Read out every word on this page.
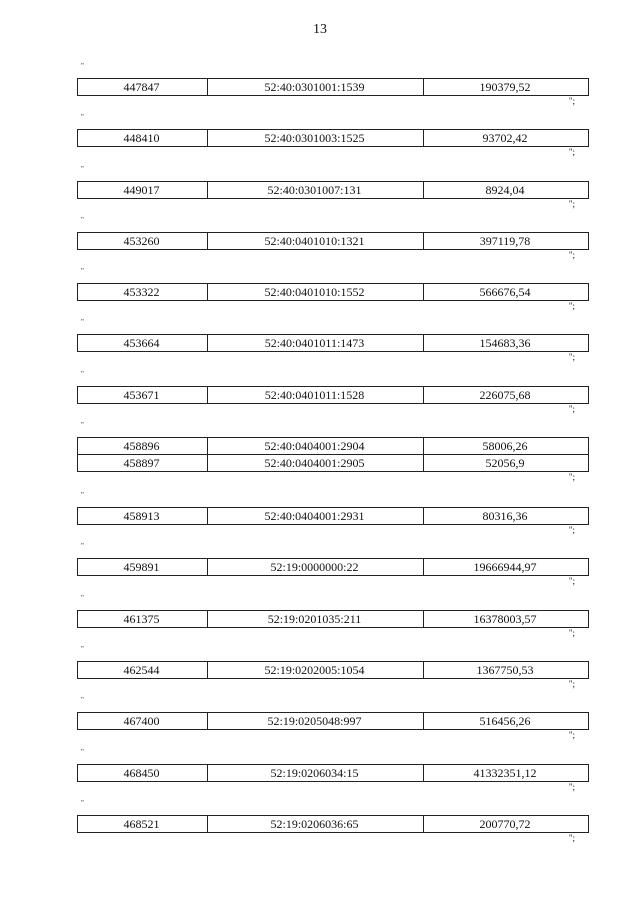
13
"
447847	52:40:0301001:1539	190379,52
";
"
448410	52:40:0301003:1525	93702,42
";
"
449017	52:40:0301007:131	8924,04
";
"
453260	52:40:0401010:1321	397119,78
";
"
453322	52:40:0401010:1552	566676,54
";
"
453664	52:40:0401011:1473	154683,36
";
"
453671	52:40:0401011:1528	226075,68
";
"
458896	52:40:0404001:2904	58006,26
458897	52:40:0404001:2905	52056,9
";
"
458913	52:40:0404001:2931	80316,36
";
"
459891	52:19:0000000:22	19666944,97
";
"
461375	52:19:0201035:211	16378003,57
";
"
462544	52:19:0202005:1054	1367750,53
";
"
467400	52:19:0205048:997	516456,26
";
"
468450	52:19:0206034:15	41332351,12
";
"
468521	52:19:0206036:65	200770,72
";
